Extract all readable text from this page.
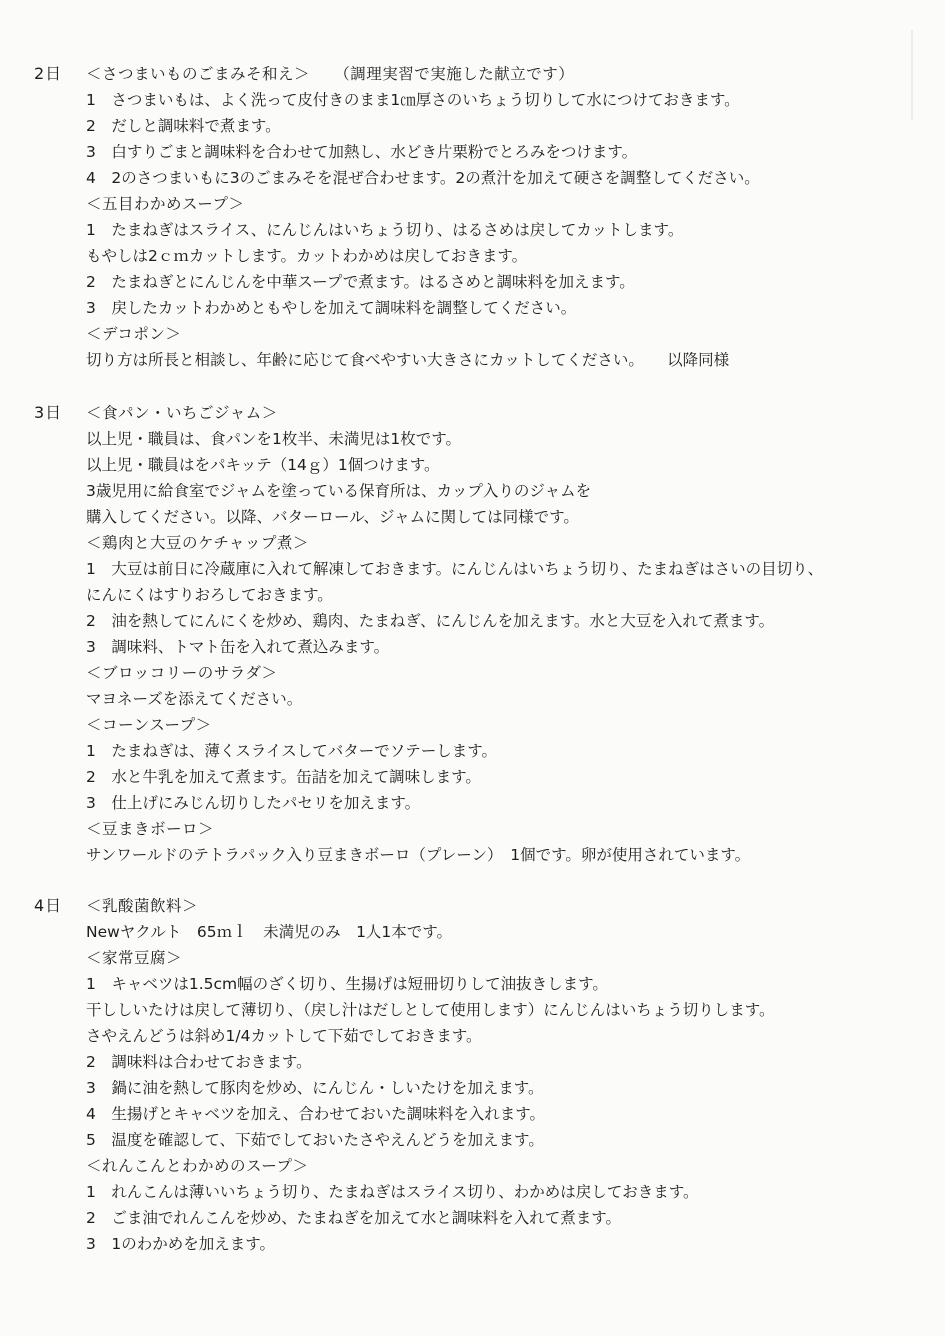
2日 ＜さつまいものごまみそ和え＞　　（調理実習で実施した献立です）
1　さつまいもは、よく洗って皮付きのまま1㎝厚さのいちょう切りして水につけておきます。
2　だしと調味料で煮ます。
3　白すりごまと調味料を合わせて加熱し、水どき片栗粉でとろみをつけます。
4　2のさつまいもに3のごまみそを混ぜ合わせます。2の煮汁を加えて硬さを調整してください。
＜五目わかめスープ＞
1　たまねぎはスライス、にんじんはいちょう切り、はるさめは戻してカットします。
もやしは2ｃｍカットします。カットわかめは戻しておきます。
2　たまねぎとにんじんを中華スープで煮ます。はるさめと調味料を加えます。
3　戻したカットわかめともやしを加えて調味料を調整してください。
＜デコポン＞
切り方は所長と相談し、年齢に応じて食べやすい大きさにカットしてください。　　以降同様
3日 ＜食パン・いちごジャム＞
以上児・職員は、食パンを1枚半、未満児は1枚です。
以上児・職員はをパキッテ（14ｇ）1個つけます。
3歳児用に給食室でジャムを塗っている保育所は、カップ入りのジャムを
購入してください。以降、バターロール、ジャムに関しては同様です。
＜鶏肉と大豆のケチャップ煮＞
1　大豆は前日に冷蔵庫に入れて解凍しておきます。にんじんはいちょう切り、たまねぎはさいの目切り、
にんにくはすりおろしておきます。
2　油を熱してにんにくを炒め、鶏肉、たまねぎ、にんじんを加えます。水と大豆を入れて煮ます。
3　調味料、トマト缶を入れて煮込みます。
＜ブロッコリーのサラダ＞
マヨネーズを添えてください。
＜コーンスープ＞
1　たまねぎは、薄くスライスしてバターでソテーします。
2　水と牛乳を加えて煮ます。缶詰を加えて調味します。
3　仕上げにみじん切りしたパセリを加えます。
＜豆まきボーロ＞
サンワールドのテトラパック入り豆まきボーロ（プレーン）　1個です。卵が使用されています。
4日 ＜乳酸菌飲料＞
Newヤクルト　65ｍｌ　未満児のみ　1人1本です。
＜家常豆腐＞
1　キャベツは1.5cm幅のざく切り、生揚げは短冊切りして油抜きします。
干ししいたけは戻して薄切り、（戻し汁はだしとして使用します）にんじんはいちょう切りします。
さやえんどうは斜め1/4カットして下茹でしておきます。
2　調味料は合わせておきます。
3　鍋に油を熱して豚肉を炒め、にんじん・しいたけを加えます。
4　生揚げとキャベツを加え、合わせておいた調味料を入れます。
5　温度を確認して、下茹でしておいたさやえんどうを加えます。
＜れんこんとわかめのスープ＞
1　れんこんは薄いいちょう切り、たまねぎはスライス切り、わかめは戻しておきます。
2　ごま油でれんこんを炒め、たまねぎを加えて水と調味料を入れて煮ます。
3　1のわかめを加えます。
